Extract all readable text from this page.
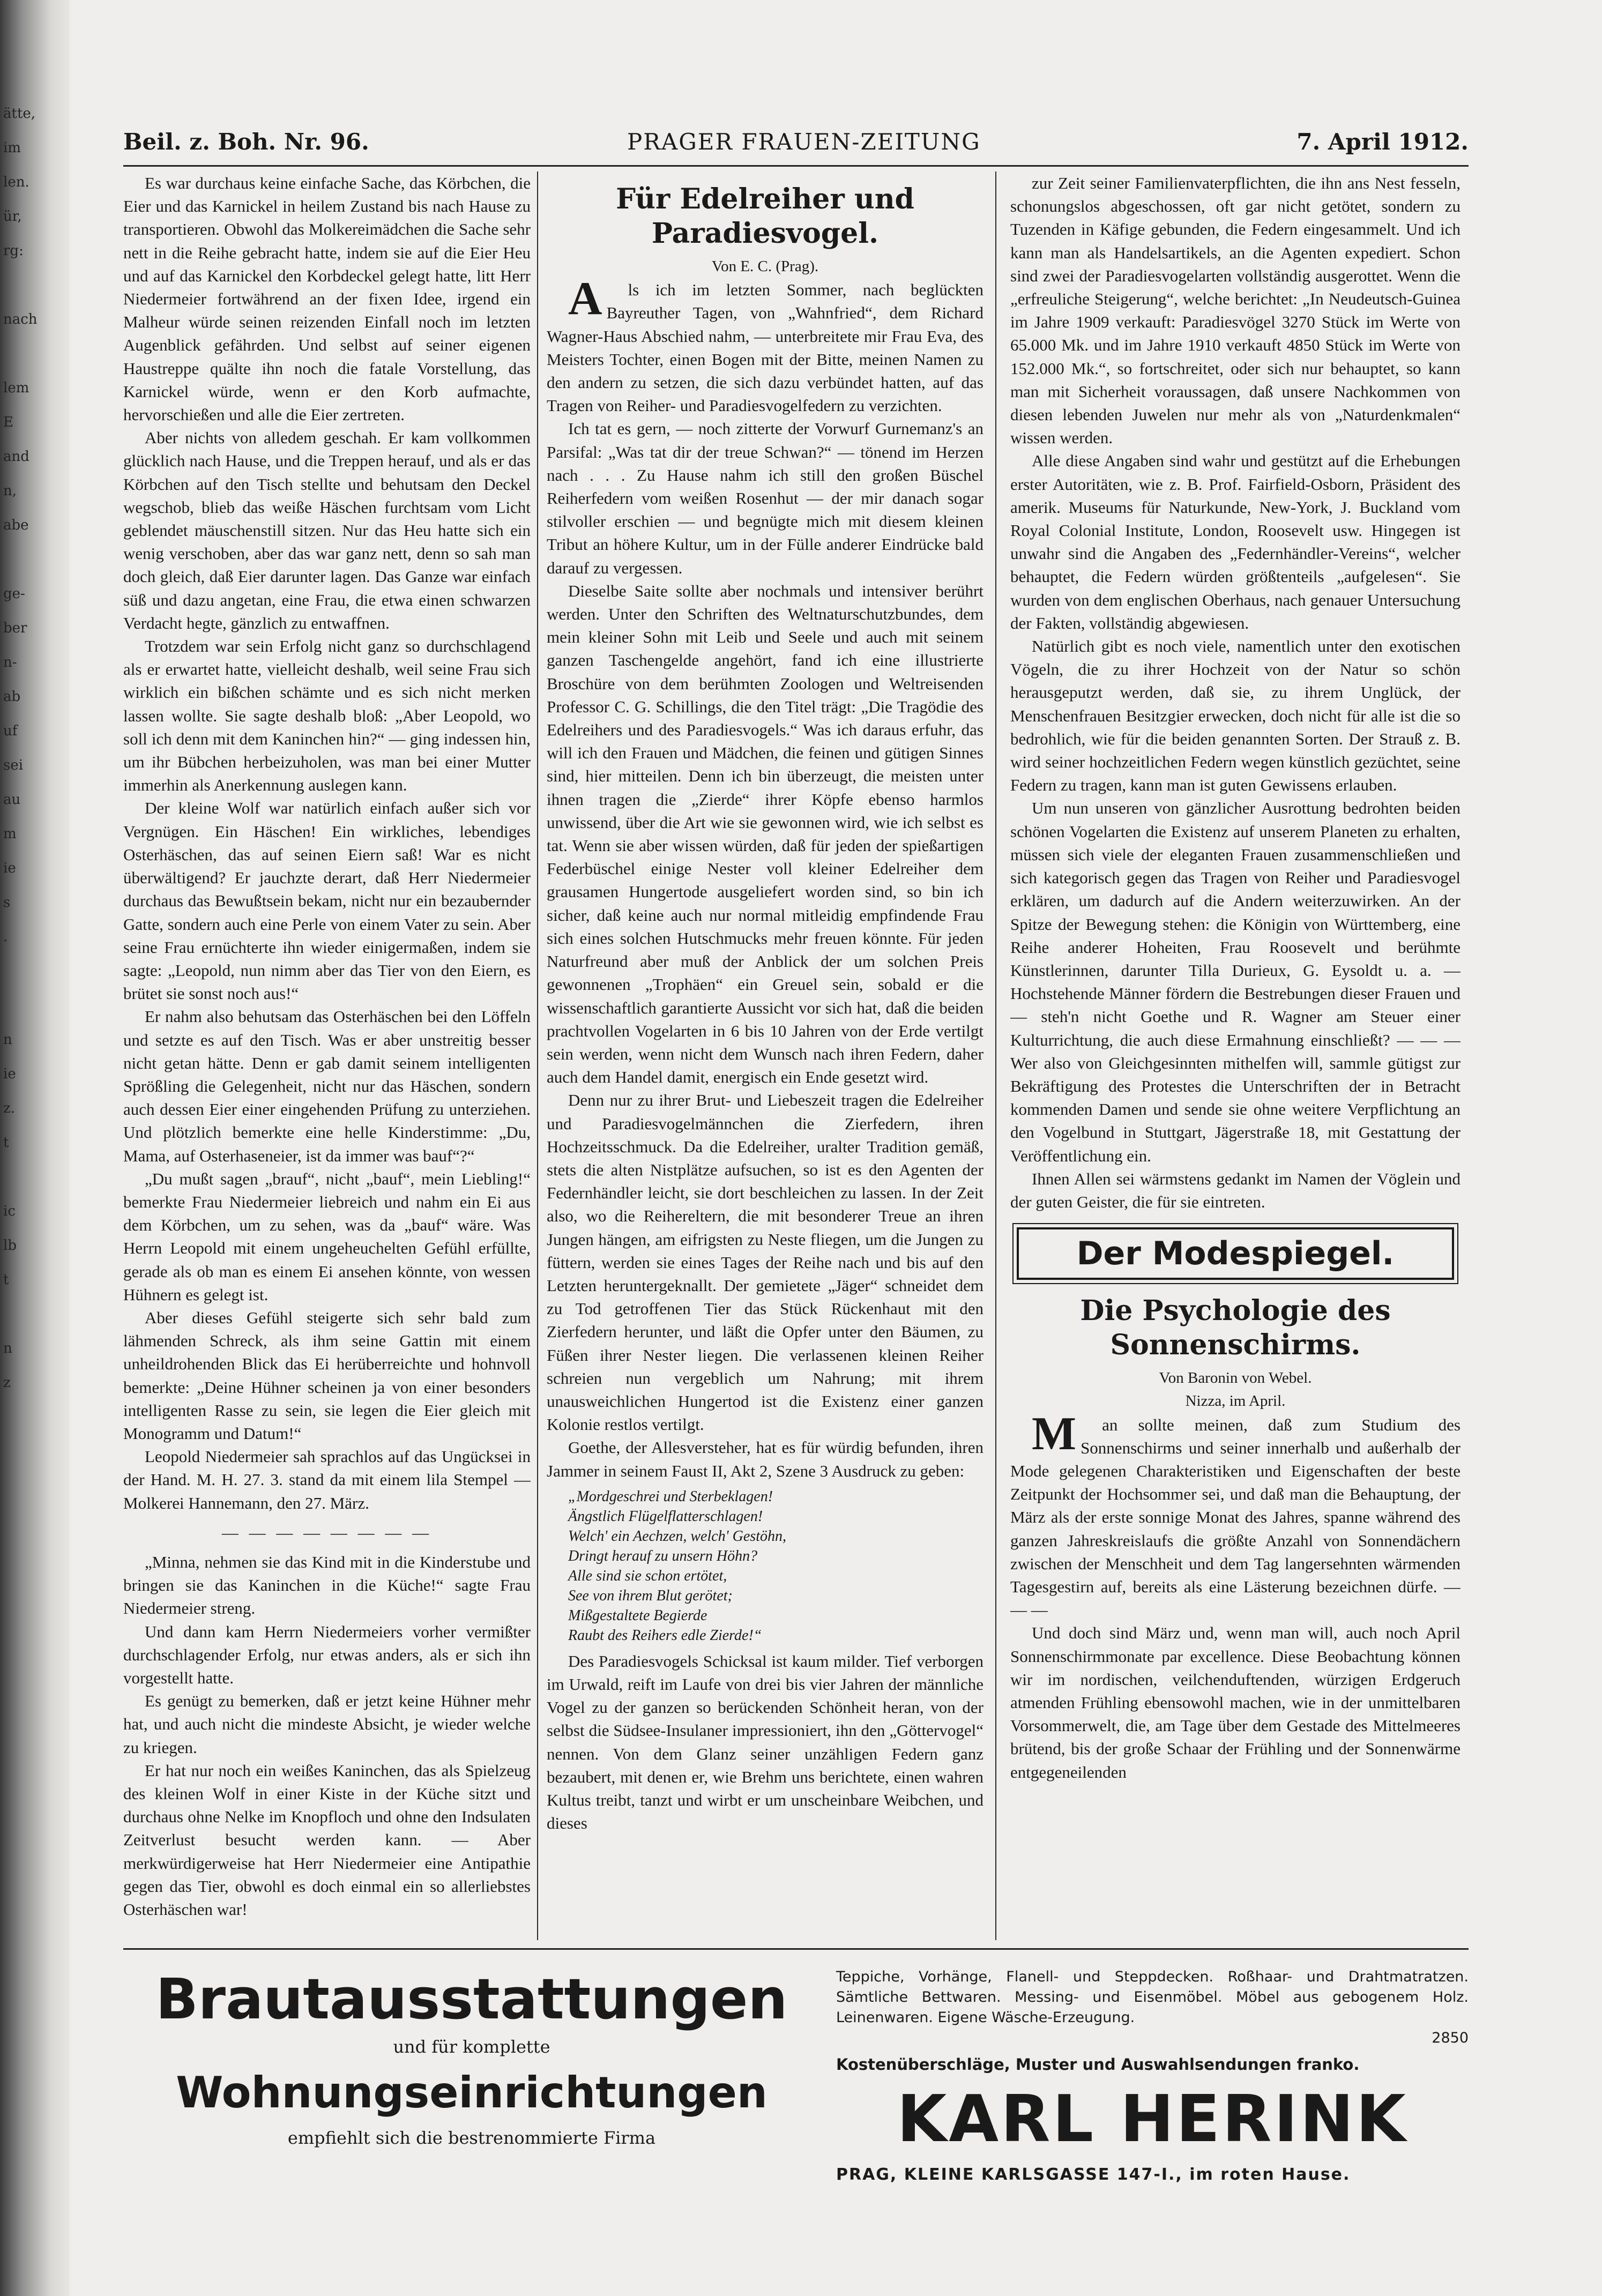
ätte,
im
len.
ür,
rg:

nach

lem
E
and
n,
abe

ge-
ber
n-
ab
uf
sei
au
m
ie
s
.

n
ie
z.
t

ic
lb
t

n
z
Beil. z. Boh. Nr. 96.	PRAGER FRAUEN-ZEITUNG	7. April 1912.

Es war durchaus keine einfache Sache, das Körbchen, die Eier und das Karnickel in heilem Zustand bis nach Hause zu transportieren. Obwohl das Molkereimädchen die Sache sehr nett in die Reihe gebracht hatte, indem sie auf die Eier Heu und auf das Karnickel den Korbdeckel gelegt hatte, litt Herr Niedermeier fortwährend an der fixen Idee, irgend ein Malheur würde seinen reizenden Einfall noch im letzten Augenblick gefährden. Und selbst auf seiner eigenen Haustreppe quälte ihn noch die fatale Vorstellung, das Karnickel würde, wenn er den Korb aufmachte, hervorschießen und alle die Eier zertreten.

Aber nichts von alledem geschah. Er kam vollkommen glücklich nach Hause, und die Treppen herauf, und als er das Körbchen auf den Tisch stellte und behutsam den Deckel wegschob, blieb das weiße Häschen furchtsam vom Licht geblendet mäuschenstill sitzen. Nur das Heu hatte sich ein wenig verschoben, aber das war ganz nett, denn so sah man doch gleich, daß Eier darunter lagen. Das Ganze war einfach süß und dazu angetan, eine Frau, die etwa einen schwarzen Verdacht hegte, gänzlich zu entwaffnen.

Trotzdem war sein Erfolg nicht ganz so durchschlagend als er erwartet hatte, vielleicht deshalb, weil seine Frau sich wirklich ein bißchen schämte und es sich nicht merken lassen wollte. Sie sagte deshalb bloß: „Aber Leopold, wo soll ich denn mit dem Kaninchen hin?“ — ging indessen hin, um ihr Bübchen herbeizuholen, was man bei einer Mutter immerhin als Anerkennung auslegen kann.

Der kleine Wolf war natürlich einfach außer sich vor Vergnügen. Ein Häschen! Ein wirkliches, lebendiges Osterhäschen, das auf seinen Eiern saß! War es nicht überwältigend? Er jauchzte derart, daß Herr Niedermeier durchaus das Bewußtsein bekam, nicht nur ein bezaubernder Gatte, sondern auch eine Perle von einem Vater zu sein. Aber seine Frau ernüchterte ihn wieder einigermaßen, indem sie sagte: „Leopold, nun nimm aber das Tier von den Eiern, es brütet sie sonst noch aus!“

Er nahm also behutsam das Osterhäschen bei den Löffeln und setzte es auf den Tisch. Was er aber unstreitig besser nicht getan hätte. Denn er gab damit seinem intelligenten Sprößling die Gelegenheit, nicht nur das Häschen, sondern auch dessen Eier einer eingehenden Prüfung zu unterziehen. Und plötzlich bemerkte eine helle Kinderstimme: „Du, Mama, auf Osterhaseneier, ist da immer was bauf“?“

„Du mußt sagen „brauf“, nicht „bauf“, mein Liebling!“ bemerkte Frau Niedermeier liebreich und nahm ein Ei aus dem Körbchen, um zu sehen, was da „bauf“ wäre. Was Herrn Leopold mit einem ungeheuchelten Gefühl erfüllte, gerade als ob man es einem Ei ansehen könnte, von wessen Hühnern es gelegt ist.

Aber dieses Gefühl steigerte sich sehr bald zum lähmenden Schreck, als ihm seine Gattin mit einem unheildrohenden Blick das Ei herüberreichte und hohnvoll bemerkte: „Deine Hühner scheinen ja von einer besonders intelligenten Rasse zu sein, sie legen die Eier gleich mit Monogramm und Datum!“

Leopold Niedermeier sah sprachlos auf das Ungücksei in der Hand. M. H. 27. 3. stand da mit einem lila Stempel — Molkerei Hannemann, den 27. März.

— — — — — — — —

„Minna, nehmen sie das Kind mit in die Kinderstube und bringen sie das Kaninchen in die Küche!“ sagte Frau Niedermeier streng.

Und dann kam Herrn Niedermeiers vorher vermißter durchschlagender Erfolg, nur etwas anders, als er sich ihn vorgestellt hatte.

Es genügt zu bemerken, daß er jetzt keine Hühner mehr hat, und auch nicht die mindeste Absicht, je wieder welche zu kriegen.

Er hat nur noch ein weißes Kaninchen, das als Spielzeug des kleinen Wolf in einer Kiste in der Küche sitzt und durchaus ohne Nelke im Knopfloch und ohne den Indsulaten Zeitverlust besucht werden kann. — Aber merkwürdigerweise hat Herr Niedermeier eine Antipathie gegen das Tier, obwohl es doch einmal ein so allerliebstes Osterhäschen war!

Für Edelreiher und Paradiesvogel.

Von E. C. (Prag).

Als ich im letzten Sommer, nach beglückten Bayreuther Tagen, von „Wahnfried“, dem Richard Wagner-Haus Abschied nahm, — unterbreitete mir Frau Eva, des Meisters Tochter, einen Bogen mit der Bitte, meinen Namen zu den andern zu setzen, die sich dazu verbündet hatten, auf das Tragen von Reiher- und Paradiesvogelfedern zu verzichten.

Ich tat es gern, — noch zitterte der Vorwurf Gurnemanz's an Parsifal: „Was tat dir der treue Schwan?“ — tönend im Herzen nach . . . Zu Hause nahm ich still den großen Büschel Reiherfedern vom weißen Rosenhut — der mir danach sogar stilvoller erschien — und begnügte mich mit diesem kleinen Tribut an höhere Kultur, um in der Fülle anderer Eindrücke bald darauf zu vergessen.

Dieselbe Saite sollte aber nochmals und intensiver berührt werden. Unter den Schriften des Weltnaturschutzbundes, dem mein kleiner Sohn mit Leib und Seele und auch mit seinem ganzen Taschengelde angehört, fand ich eine illustrierte Broschüre von dem berühmten Zoologen und Weltreisenden Professor C. G. Schillings, die den Titel trägt: „Die Tragödie des Edelreihers und des Paradiesvogels.“ Was ich daraus erfuhr, das will ich den Frauen und Mädchen, die feinen und gütigen Sinnes sind, hier mitteilen. Denn ich bin überzeugt, die meisten unter ihnen tragen die „Zierde“ ihrer Köpfe ebenso harmlos unwissend, über die Art wie sie gewonnen wird, wie ich selbst es tat. Wenn sie aber wissen würden, daß für jeden der spießartigen Federbüschel einige Nester voll kleiner Edelreiher dem grausamen Hungertode ausgeliefert worden sind, so bin ich sicher, daß keine auch nur normal mitleidig empfindende Frau sich eines solchen Hutschmucks mehr freuen könnte. Für jeden Naturfreund aber muß der Anblick der um solchen Preis gewonnenen „Trophäen“ ein Greuel sein, sobald er die wissenschaftlich garantierte Aussicht vor sich hat, daß die beiden prachtvollen Vogelarten in 6 bis 10 Jahren von der Erde vertilgt sein werden, wenn nicht dem Wunsch nach ihren Federn, daher auch dem Handel damit, energisch ein Ende gesetzt wird.

Denn nur zu ihrer Brut- und Liebeszeit tragen die Edelreiher und Paradiesvogelmännchen die Zierfedern, ihren Hochzeitsschmuck. Da die Edelreiher, uralter Tradition gemäß, stets die alten Nistplätze aufsuchen, so ist es den Agenten der Federnhändler leicht, sie dort beschleichen zu lassen. In der Zeit also, wo die Reihereltern, die mit besonderer Treue an ihren Jungen hängen, am eifrigsten zu Neste fliegen, um die Jungen zu füttern, werden sie eines Tages der Reihe nach und bis auf den Letzten heruntergeknallt. Der gemietete „Jäger“ schneidet dem zu Tod getroffenen Tier das Stück Rückenhaut mit den Zierfedern herunter, und läßt die Opfer unter den Bäumen, zu Füßen ihrer Nester liegen. Die verlassenen kleinen Reiher schreien nun vergeblich um Nahrung; mit ihrem unausweichlichen Hungertod ist die Existenz einer ganzen Kolonie restlos vertilgt.

Goethe, der Allesversteher, hat es für würdig befunden, ihren Jammer in seinem Faust II, Akt 2, Szene 3 Ausdruck zu geben:

„Mordgeschrei und Sterbeklagen!
Ängstlich Flügelflatterschlagen!
Welch' ein Aechzen, welch' Gestöhn,
Dringt herauf zu unsern Höhn?
Alle sind sie schon ertötet,
See von ihrem Blut gerötet;
Mißgestaltete Begierde
Raubt des Reihers edle Zierde!“

Des Paradiesvogels Schicksal ist kaum milder. Tief verborgen im Urwald, reift im Laufe von drei bis vier Jahren der männliche Vogel zu der ganzen so berückenden Schönheit heran, von der selbst die Südsee-Insulaner impressioniert, ihn den „Göttervogel“ nennen. Von dem Glanz seiner unzähligen Federn ganz bezaubert, mit denen er, wie Brehm uns berichtete, einen wahren Kultus treibt, tanzt und wirbt er um unscheinbare Weibchen, und dieses

zur Zeit seiner Familienvaterpflichten, die ihn ans Nest fesseln, schonungslos abgeschossen, oft gar nicht getötet, sondern zu Tuzenden in Käfige gebunden, die Federn eingesammelt. Und ich kann man als Handelsartikels, an die Agenten expediert. Schon sind zwei der Paradiesvogelarten vollständig ausgerottet. Wenn die „erfreuliche Steigerung“, welche berichtet: „In Neudeutsch-Guinea im Jahre 1909 verkauft: Paradiesvögel 3270 Stück im Werte von 65.000 Mk. und im Jahre 1910 verkauft 4850 Stück im Werte von 152.000 Mk.“, so fortschreitet, oder sich nur behauptet, so kann man mit Sicherheit voraussagen, daß unsere Nachkommen von diesen lebenden Juwelen nur mehr als von „Naturdenkmalen“ wissen werden.

Alle diese Angaben sind wahr und gestützt auf die Erhebungen erster Autoritäten, wie z. B. Prof. Fairfield-Osborn, Präsident des amerik. Museums für Naturkunde, New-York, J. Buckland vom Royal Colonial Institute, London, Roosevelt usw. Hingegen ist unwahr sind die Angaben des „Federnhändler-Vereins“, welcher behauptet, die Federn würden größtenteils „aufgelesen“. Sie wurden von dem englischen Oberhaus, nach genauer Untersuchung der Fakten, vollständig abgewiesen.

Natürlich gibt es noch viele, namentlich unter den exotischen Vögeln, die zu ihrer Hochzeit von der Natur so schön herausgeputzt werden, daß sie, zu ihrem Unglück, der Menschenfrauen Besitzgier erwecken, doch nicht für alle ist die so bedrohlich, wie für die beiden genannten Sorten. Der Strauß z. B. wird seiner hochzeitlichen Federn wegen künstlich gezüchtet, seine Federn zu tragen, kann man ist guten Gewissens erlauben.

Um nun unseren von gänzlicher Ausrottung bedrohten beiden schönen Vogelarten die Existenz auf unserem Planeten zu erhalten, müssen sich viele der eleganten Frauen zusammenschließen und sich kategorisch gegen das Tragen von Reiher und Paradiesvogel erklären, um dadurch auf die Andern weiterzuwirken. An der Spitze der Bewegung stehen: die Königin von Württemberg, eine Reihe anderer Hoheiten, Frau Roosevelt und berühmte Künstlerinnen, darunter Tilla Durieux, G. Eysoldt u. a. — Hochstehende Männer fördern die Bestrebungen dieser Frauen und — steh'n nicht Goethe und R. Wagner am Steuer einer Kulturrichtung, die auch diese Ermahnung einschließt? — — — Wer also von Gleichgesinnten mithelfen will, sammle gütigst zur Bekräftigung des Protestes die Unterschriften der in Betracht kommenden Damen und sende sie ohne weitere Verpflichtung an den Vogelbund in Stuttgart, Jägerstraße 18, mit Gestattung der Veröffentlichung ein.

Ihnen Allen sei wärmstens gedankt im Namen der Vöglein und der guten Geister, die für sie eintreten.

Der Modespiegel.
Die Psychologie des Sonnenschirms.

Von Baronin von Webel.

Nizza, im April.

Man sollte meinen, daß zum Studium des Sonnenschirms und seiner innerhalb und außerhalb der Mode gelegenen Charakteristiken und Eigenschaften der beste Zeitpunkt der Hochsommer sei, und daß man die Behauptung, der März als der erste sonnige Monat des Jahres, spanne während des ganzen Jahreskreislaufs die größte Anzahl von Sonnendächern zwischen der Menschheit und dem Tag langersehnten wärmenden Tagesgestirn auf, bereits als eine Lästerung bezeichnen dürfe. — — —

Und doch sind März und, wenn man will, auch noch April Sonnenschirmmonate par excellence. Diese Beobachtung können wir im nordischen, veilchenduftenden, würzigen Erdgeruch atmenden Frühling ebensowohl machen, wie in der unmittelbaren Vorsommerwelt, die, am Tage über dem Gestade des Mittelmeeres brütend, bis der große Schaar der Frühling und der Sonnenwärme entgegeneilenden

Brautausstattungen
und für komplette
Wohnungseinrichtungen
empfiehlt sich die bestrenommierte Firma
Teppiche, Vorhänge, Flanell- und Steppdecken. Roßhaar- und Drahtmatratzen. Sämtliche Bettwaren. Messing- und Eisenmöbel. Möbel aus gebogenem Holz. Leinenwaren. Eigene Wäsche-Erzeugung.
2850
Kostenüberschläge, Muster und Auswahlsendungen franko.
KARL HERINK
PRAG, KLEINE KARLSGASSE 147-I., im roten Hause.
